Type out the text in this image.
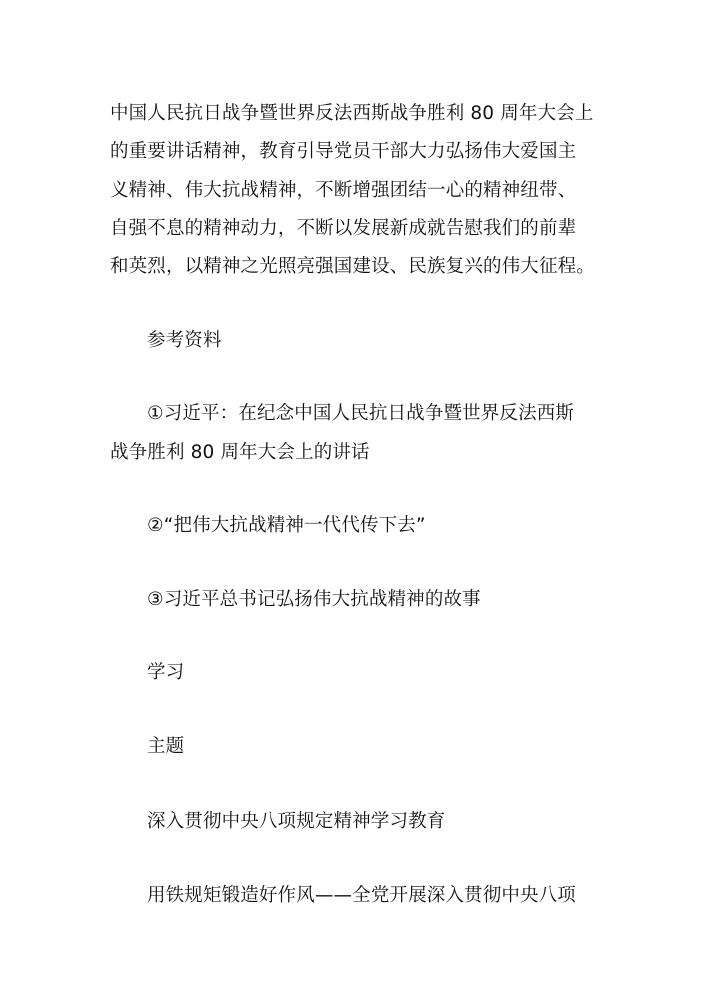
中国人民抗日战争暨世界反法西斯战争胜利 80 周年大会上
的重要讲话精神，教育引导党员干部大力弘扬伟大爱国主
义精神、伟大抗战精神，不断增强团结一心的精神纽带、
自强不息的精神动力，不断以发展新成就告慰我们的前辈
和英烈，以精神之光照亮强国建设、民族复兴的伟大征程。
参考资料
①习近平：在纪念中国人民抗日战争暨世界反法西斯
战争胜利 80 周年大会上的讲话
②“把伟大抗战精神一代代传下去”
③习近平总书记弘扬伟大抗战精神的故事
学习
主题
深入贯彻中央八项规定精神学习教育
用铁规矩锻造好作风——全党开展深入贯彻中央八项
